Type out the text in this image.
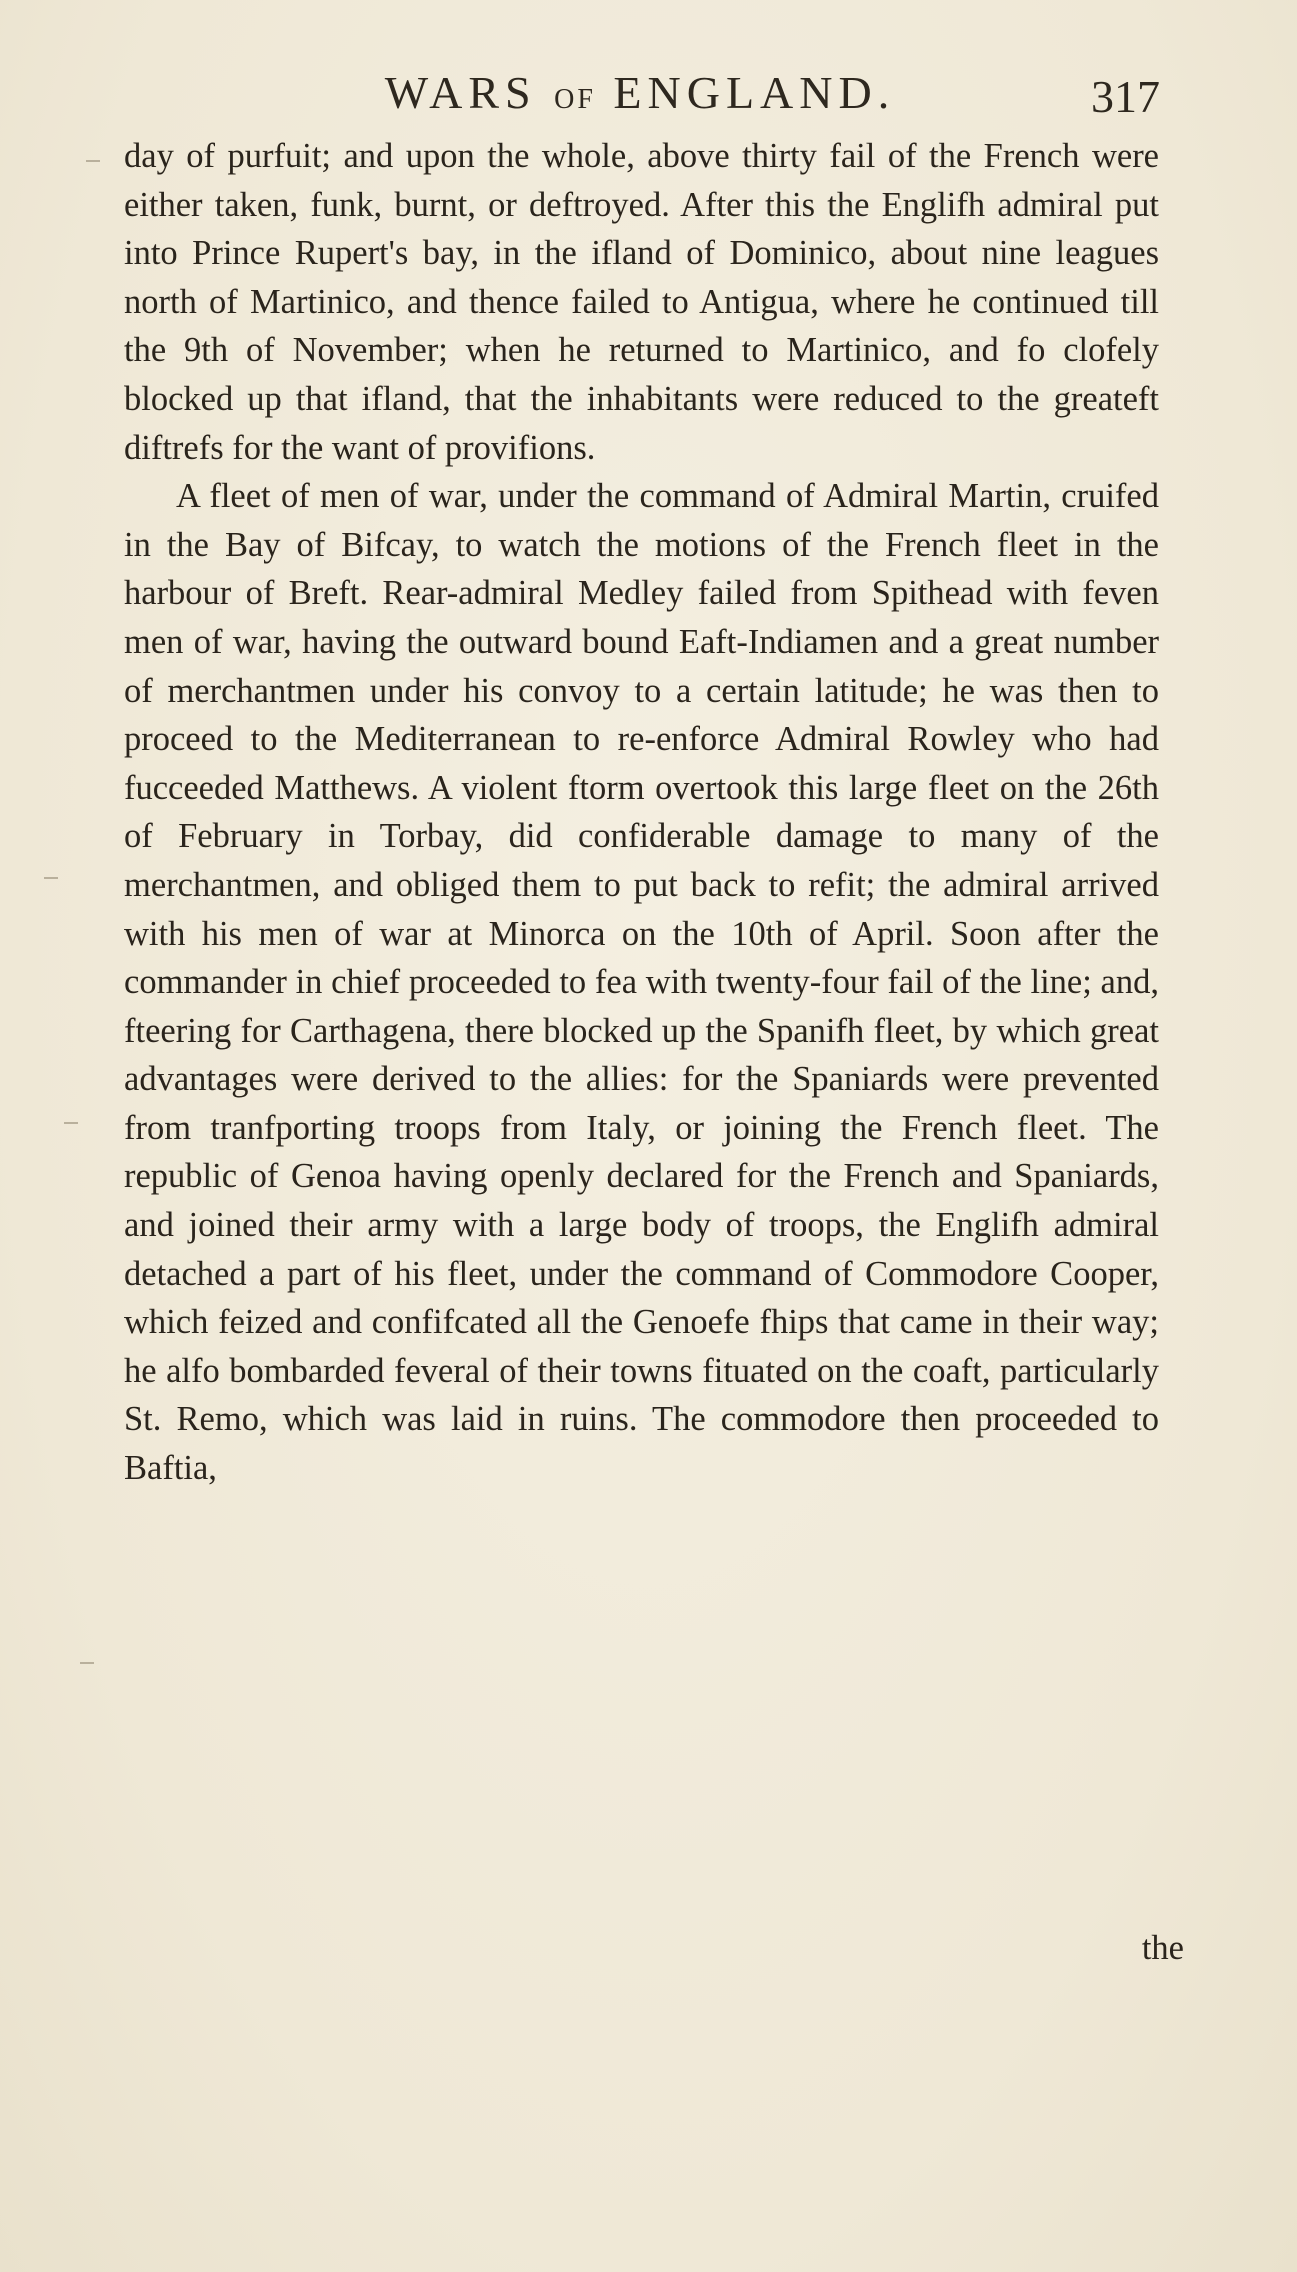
WARS OF ENGLAND.	317

day of purfuit; and upon the whole, above thirty fail of the French were either taken, funk, burnt, or deftroyed. After this the Englifh admiral put into Prince Rupert's bay, in the ifland of Dominico, about nine leagues north of Martinico, and thence failed to Antigua, where he continued till the 9th of November; when he returned to Martinico, and fo clofely blocked up that ifland, that the inhabitants were reduced to the greateft diftrefs for the want of provifions.

A fleet of men of war, under the command of Admiral Martin, cruifed in the Bay of Bifcay, to watch the motions of the French fleet in the harbour of Breft. Rear-admiral Medley failed from Spithead with feven men of war, having the outward bound Eaft-Indiamen and a great number of merchantmen under his convoy to a certain latitude; he was then to proceed to the Mediterranean to re-enforce Admiral Rowley who had fucceeded Matthews. A violent ftorm overtook this large fleet on the 26th of February in Torbay, did confiderable damage to many of the merchantmen, and obliged them to put back to refit; the admiral arrived with his men of war at Minorca on the 10th of April. Soon after the commander in chief proceeded to fea with twenty-four fail of the line; and, fteering for Carthagena, there blocked up the Spanifh fleet, by which great advantages were derived to the allies: for the Spaniards were prevented from tranfporting troops from Italy, or joining the French fleet. The republic of Genoa having openly declared for the French and Spaniards, and joined their army with a large body of troops, the Englifh admiral detached a part of his fleet, under the command of Commodore Cooper, which feized and confifcated all the Genoefe fhips that came in their way; he alfo bombarded feveral of their towns fituated on the coaft, particularly St. Remo, which was laid in ruins. The commodore then proceeded to Baftia,

the
